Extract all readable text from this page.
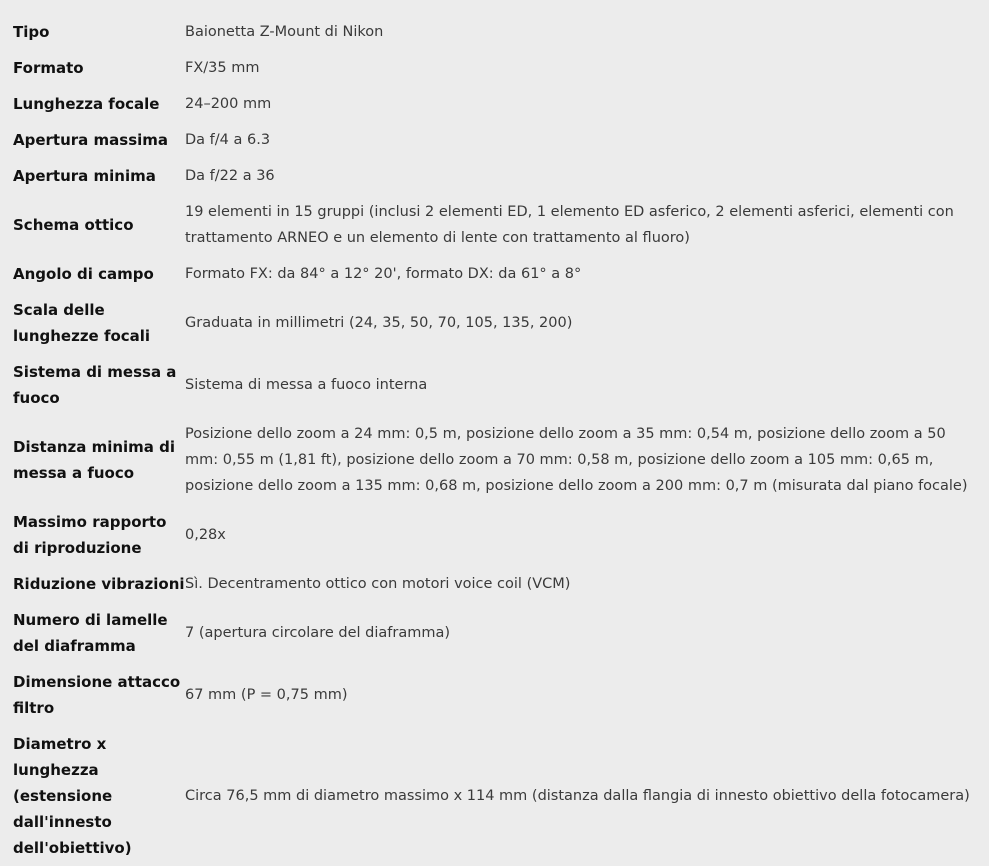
Tipo	Baionetta Z-Mount di Nikon
Formato	FX/35 mm
Lunghezza focale	24–200 mm
Apertura massima	Da f/4 a 6.3
Apertura minima	Da f/22 a 36
Schema ottico	19 elementi in 15 gruppi (inclusi 2 elementi ED, 1 elemento ED asferico, 2 elementi asferici, elementi con trattamento ARNEO e un elemento di lente con trattamento al fluoro)
Angolo di campo	Formato FX: da 84° a 12° 20', formato DX: da 61° a 8°
Scala delle lunghezze focali	Graduata in millimetri (24, 35, 50, 70, 105, 135, 200)
Sistema di messa a fuoco	Sistema di messa a fuoco interna
Distanza minima di messa a fuoco	Posizione dello zoom a 24 mm: 0,5 m, posizione dello zoom a 35 mm: 0,54 m, posizione dello zoom a 50 mm: 0,55 m (1,81 ft), posizione dello zoom a 70 mm: 0,58 m, posizione dello zoom a 105 mm: 0,65 m, posizione dello zoom a 135 mm: 0,68 m, posizione dello zoom a 200 mm: 0,7 m (misurata dal piano focale)
Massimo rapporto di riproduzione	0,28x
Riduzione vibrazioni	Sì. Decentramento ottico con motori voice coil (VCM)
Numero di lamelle del diaframma	7 (apertura circolare del diaframma)
Dimensione attacco filtro	67 mm (P = 0,75 mm)
Diametro x lunghezza (estensione dall'innesto dell'obiettivo)	Circa 76,5 mm di diametro massimo x 114 mm (distanza dalla flangia di innesto obiettivo della fotocamera)
